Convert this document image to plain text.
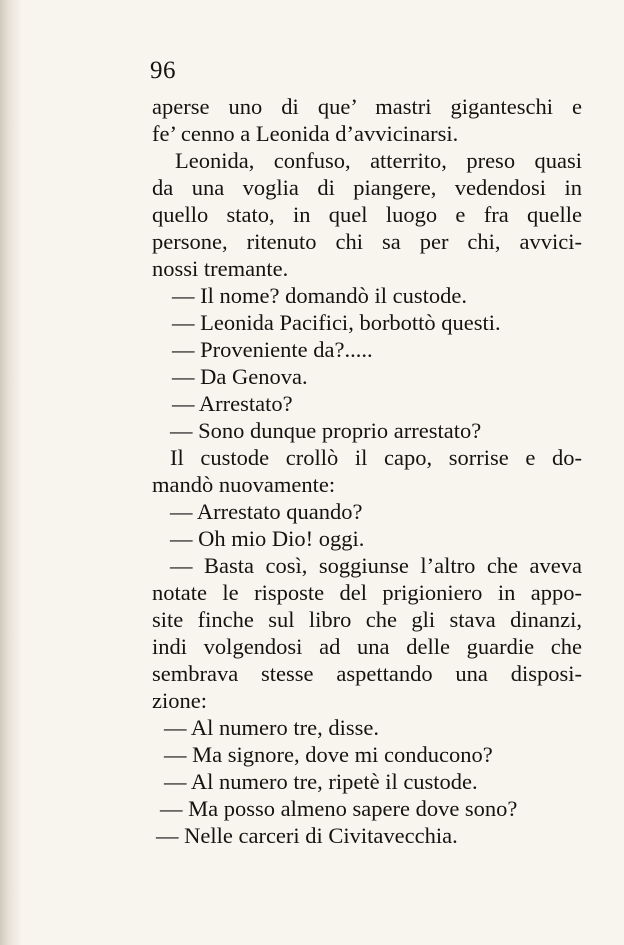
96
aperse uno di que’ mastri giganteschi e
fe’ cenno a Leonida d’avvicinarsi.
Leonida, confuso, atterrito, preso quasi
da una voglia di piangere, vedendosi in
quello stato, in quel luogo e fra quelle
persone, ritenuto chi sa per chi, avvici-
nossi tremante.
— Il nome? domandò il custode.
— Leonida Pacifici, borbottò questi.
— Proveniente da?.....
— Da Genova.
— Arrestato?
— Sono dunque proprio arrestato?
Il custode crollò il capo, sorrise e do-
mandò nuovamente:
— Arrestato quando?
— Oh mio Dio! oggi.
— Basta così, soggiunse l’altro che aveva
notate le risposte del prigioniero in appo-
site finche sul libro che gli stava dinanzi,
indi volgendosi ad una delle guardie che
sembrava stesse aspettando una disposi-
zione:
— Al numero tre, disse.
— Ma signore, dove mi conducono?
— Al numero tre, ripetè il custode.
— Ma posso almeno sapere dove sono?
— Nelle carceri di Civitavecchia.
